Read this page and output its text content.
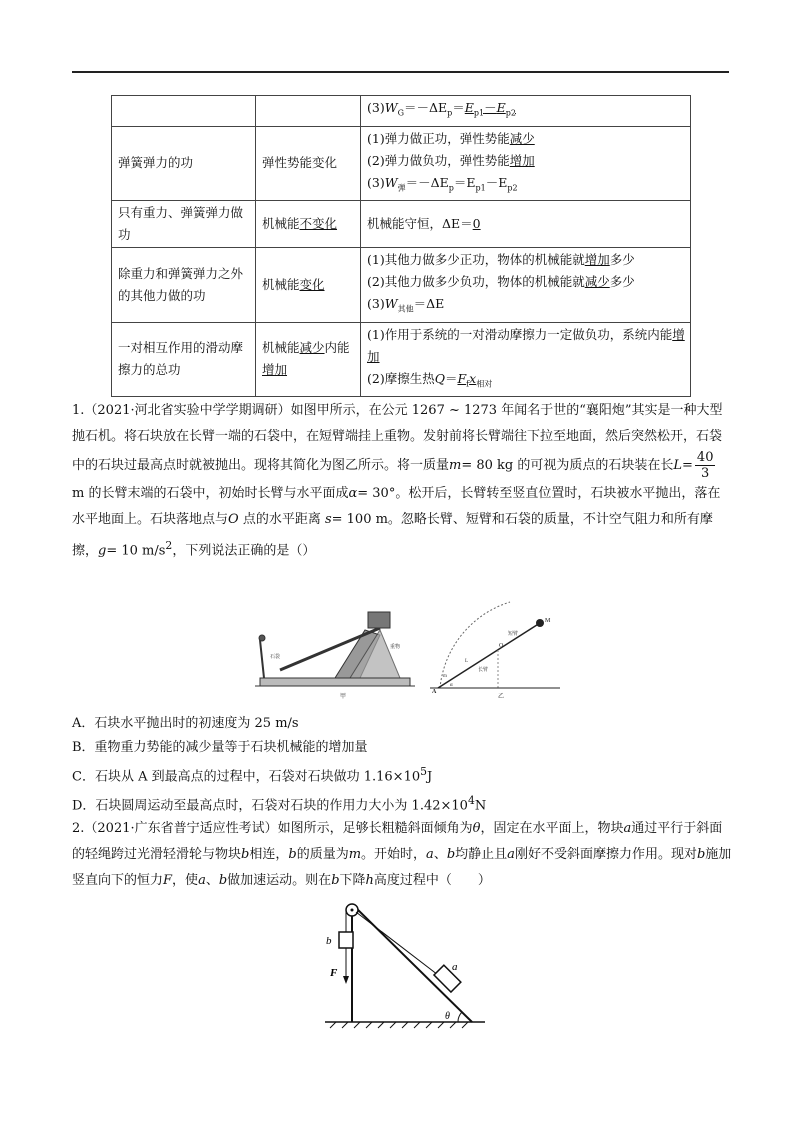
		$(3)W_G=-\Delta E_p=E_{p1}-E_{p2}$
弹簧弹力的功	弹性势能变化	(1)弹力做正功，弹性势能减少
(2)弹力做负功，弹性势能增加
$(3)W_弹=-\Delta E_p=E_{p1}-E_{p2}$

只有重力、弹簧弹力做功	机械能不变化	机械能守恒，ΔE＝0
除重力和弹簧弹力之外的其他力做的功	机械能变化	(1)其他力做多少正功，物体的机械能就增加多少
(2)其他力做多少负功，物体的机械能就减少多少
$(3)W_{其他}=\Delta E$

一对相互作用的滑动摩擦力的总功	机械能减少内能增加	(1)作用于系统的一对滑动摩擦力一定做负功，系统内能增加
(2)摩擦生热$Q=F_fx_{相对}$
1.（2021·河北省实验中学学期调研）如图甲所示，在公元 1267 ~ 1273 年闻名于世的“襄阳炮”其实是一种大型抛石机。将石块放在长臂一端的石袋中，在短臂端挂上重物。发射前将长臂端往下拉至地面，然后突然松开，石袋中的石块过最高点时就被抛出。现将其简化为图乙所示。将一质量m= 80 kg 的可视为质点的石块装在长$L= \frac{40}{3}$
m 的长臂末端的石袋中，初始时长臂与水平面成α= 30°。松开后，长臂转至竖直位置时，石块被水平抛出，落在水平地面上。石块落地点与O 点的水平距离 s= 100 m。忽略长臂、短臂和石袋的质量，不计空气阻力和所有摩擦，g= 10 $m/s^2$，下列说法正确的是（）
甲
重物
石袋
M
短臂
长臂
m
L
A
O
α
乙
A．石块水平抛出时的初速度为 25 m/s
B．重物重力势能的减少量等于石块机械能的增加量
C．石块从 A 到最高点的过程中，石袋对石块做功 $1.16\times 10^5J$
D．石块圆周运动至最高点时，石袋对石块的作用力大小为 $1.42\times 10^4N$
2.（2021·广东省普宁适应性考试）如图所示，足够长粗糙斜面倾角为θ，固定在水平面上，物块a通过平行于斜面的轻绳跨过光滑轻滑轮与物块b相连，b的质量为m。开始时，a、b均静止且a刚好不受斜面摩擦力作用。现对b施加竖直向下的恒力F，使a、b做加速运动。则在b下降h高度过程中（　　）
b
F	a
θ
